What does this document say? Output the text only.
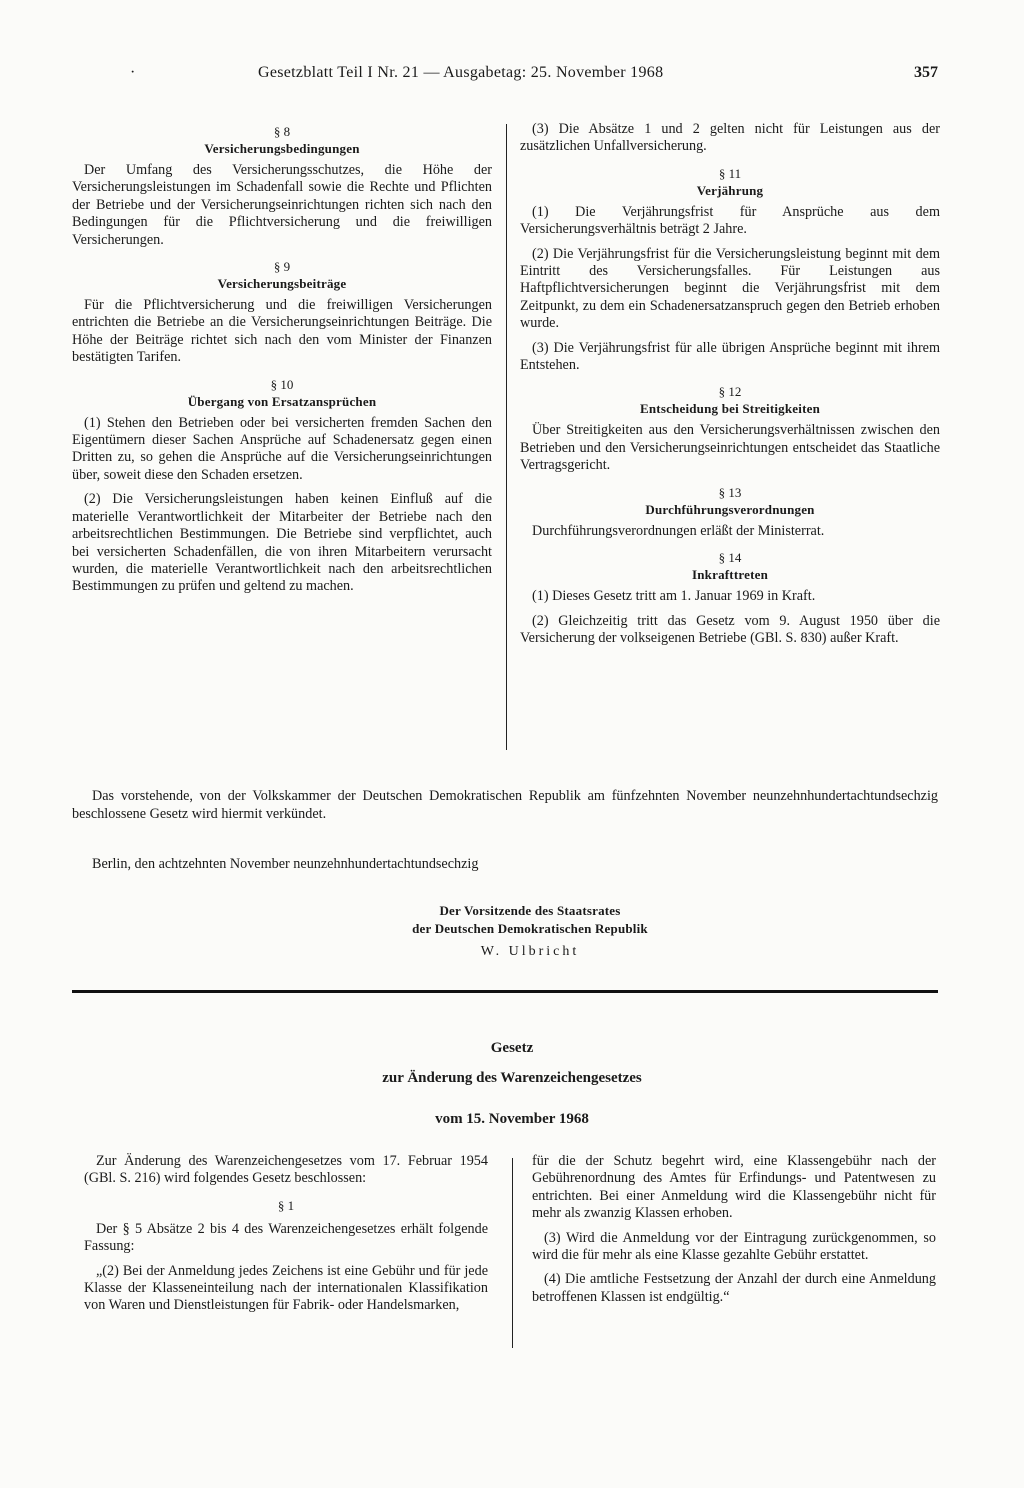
·	Gesetzblatt Teil I Nr. 21 — Ausgabetag: 25. November 1968	357
§ 8
Versicherungsbedingungen

Der Umfang des Versicherungsschutzes, die Höhe der Versicherungsleistungen im Schadenfall sowie die Rechte und Pflichten der Betriebe und der Versicherungseinrichtungen richten sich nach den Bedingungen für die Pflichtversicherung und die freiwilligen Versicherungen.

§ 9
Versicherungsbeiträge

Für die Pflichtversicherung und die freiwilligen Versicherungen entrichten die Betriebe an die Versicherungseinrichtungen Beiträge. Die Höhe der Beiträge richtet sich nach den vom Minister der Finanzen bestätigten Tarifen.

§ 10
Übergang von Ersatzansprüchen

(1) Stehen den Betrieben oder bei versicherten fremden Sachen den Eigentümern dieser Sachen Ansprüche auf Schadenersatz gegen einen Dritten zu, so gehen die Ansprüche auf die Versicherungseinrichtungen über, soweit diese den Schaden ersetzen.

(2) Die Versicherungsleistungen haben keinen Einfluß auf die materielle Verantwortlichkeit der Mitarbeiter der Betriebe nach den arbeitsrechtlichen Bestimmungen. Die Betriebe sind verpflichtet, auch bei versicherten Schadenfällen, die von ihren Mitarbeitern verursacht wurden, die materielle Verantwortlichkeit nach den arbeitsrechtlichen Bestimmungen zu prüfen und geltend zu machen.

(3) Die Absätze 1 und 2 gelten nicht für Leistungen aus der zusätzlichen Unfallversicherung.

§ 11
Verjährung

(1) Die Verjährungsfrist für Ansprüche aus dem Versicherungsverhältnis beträgt 2 Jahre.

(2) Die Verjährungsfrist für die Versicherungsleistung beginnt mit dem Eintritt des Versicherungsfalles. Für Leistungen aus Haftpflichtversicherungen beginnt die Verjährungsfrist mit dem Zeitpunkt, zu dem ein Schadenersatzanspruch gegen den Betrieb erhoben wurde.

(3) Die Verjährungsfrist für alle übrigen Ansprüche beginnt mit ihrem Entstehen.

§ 12
Entscheidung bei Streitigkeiten

Über Streitigkeiten aus den Versicherungsverhältnissen zwischen den Betrieben und den Versicherungseinrichtungen entscheidet das Staatliche Vertragsgericht.

§ 13
Durchführungsverordnungen

Durchführungsverordnungen erläßt der Ministerrat.

§ 14
Inkrafttreten

(1) Dieses Gesetz tritt am 1. Januar 1969 in Kraft.

(2) Gleichzeitig tritt das Gesetz vom 9. August 1950 über die Versicherung der volkseigenen Betriebe (GBl. S. 830) außer Kraft.

Das vorstehende, von der Volkskammer der Deutschen Demokratischen Republik am fünfzehnten November neunzehnhundertachtundsechzig beschlossene Gesetz wird hiermit verkündet.

Berlin, den achtzehnten November neunzehnhundertachtundsechzig
Der Vorsitzende des Staatsrates
der Deutschen Demokratischen Republik
W. Ulbricht
Gesetz
zur Änderung des Warenzeichengesetzes
vom 15. November 1968

Zur Änderung des Warenzeichengesetzes vom 17. Februar 1954 (GBl. S. 216) wird folgendes Gesetz beschlossen:

§ 1

Der § 5 Absätze 2 bis 4 des Warenzeichengesetzes erhält folgende Fassung:

„(2) Bei der Anmeldung jedes Zeichens ist eine Gebühr und für jede Klasse der Klasseneinteilung nach der internationalen Klassifikation von Waren und Dienstleistungen für Fabrik- oder Handelsmarken,

für die der Schutz begehrt wird, eine Klassengebühr nach der Gebührenordnung des Amtes für Erfindungs- und Patentwesen zu entrichten. Bei einer Anmeldung wird die Klassengebühr nicht für mehr als zwanzig Klassen erhoben.

(3) Wird die Anmeldung vor der Eintragung zurückgenommen, so wird die für mehr als eine Klasse gezahlte Gebühr erstattet.

(4) Die amtliche Festsetzung der Anzahl der durch eine Anmeldung betroffenen Klassen ist endgültig.“
